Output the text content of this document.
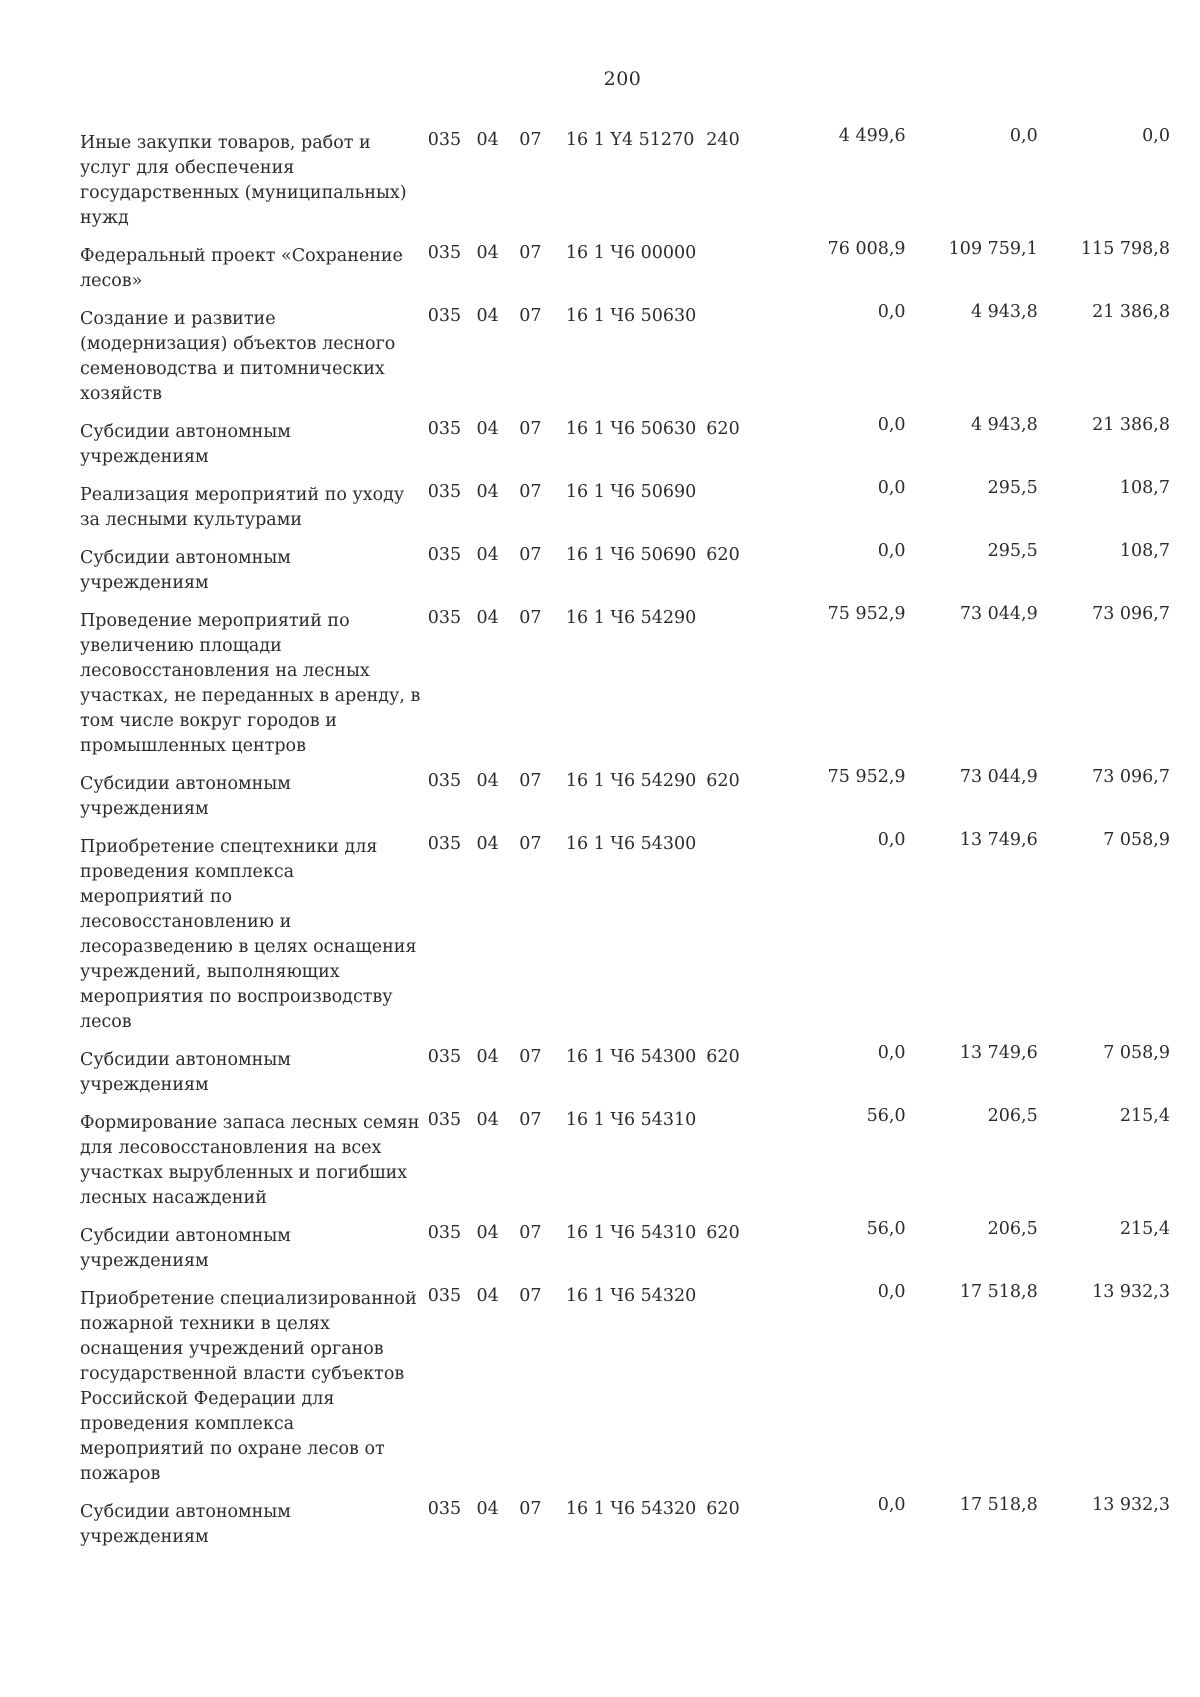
200
Иные закупки товаров, работ и услуг для обеспечения государственных (муниципальных) нужд	035	04	07	16 1 Y4 51270	240	4 499,6	0,0	0,0

Федеральный проект «Сохранение лесов»	035	04	07	16 1 Ч6 00000		76 008,9	109 759,1	115 798,8

Создание и развитие (модернизация) объектов лесного семеноводства и питомнических хозяйств	035	04	07	16 1 Ч6 50630		0,0	4 943,8	21 386,8

Субсидии автономным учреждениям	035	04	07	16 1 Ч6 50630	620	0,0	4 943,8	21 386,8

Реализация мероприятий по уходу за лесными культурами	035	04	07	16 1 Ч6 50690		0,0	295,5	108,7

Субсидии автономным учреждениям	035	04	07	16 1 Ч6 50690	620	0,0	295,5	108,7

Проведение мероприятий по увеличению площади лесовосстановления на лесных участках, не переданных в аренду, в том числе вокруг городов и промышленных центров	035	04	07	16 1 Ч6 54290		75 952,9	73 044,9	73 096,7

Субсидии автономным учреждениям	035	04	07	16 1 Ч6 54290	620	75 952,9	73 044,9	73 096,7

Приобретение спецтехники для проведения комплекса мероприятий по лесовосстановлению и лесоразведению в целях оснащения учреждений, выполняющих мероприятия по воспроизводству лесов	035	04	07	16 1 Ч6 54300		0,0	13 749,6	7 058,9

Субсидии автономным учреждениям	035	04	07	16 1 Ч6 54300	620	0,0	13 749,6	7 058,9

Формирование запаса лесных семян для лесовосстановления на всех участках вырубленных и погибших лесных насаждений	035	04	07	16 1 Ч6 54310		56,0	206,5	215,4

Субсидии автономным учреждениям	035	04	07	16 1 Ч6 54310	620	56,0	206,5	215,4

Приобретение специализированной пожарной техники в целях оснащения учреждений органов государственной власти субъектов Российской Федерации для проведения комплекса мероприятий по охране лесов от пожаров	035	04	07	16 1 Ч6 54320		0,0	17 518,8	13 932,3

Субсидии автономным учреждениям	035	04	07	16 1 Ч6 54320	620	0,0	17 518,8	13 932,3
